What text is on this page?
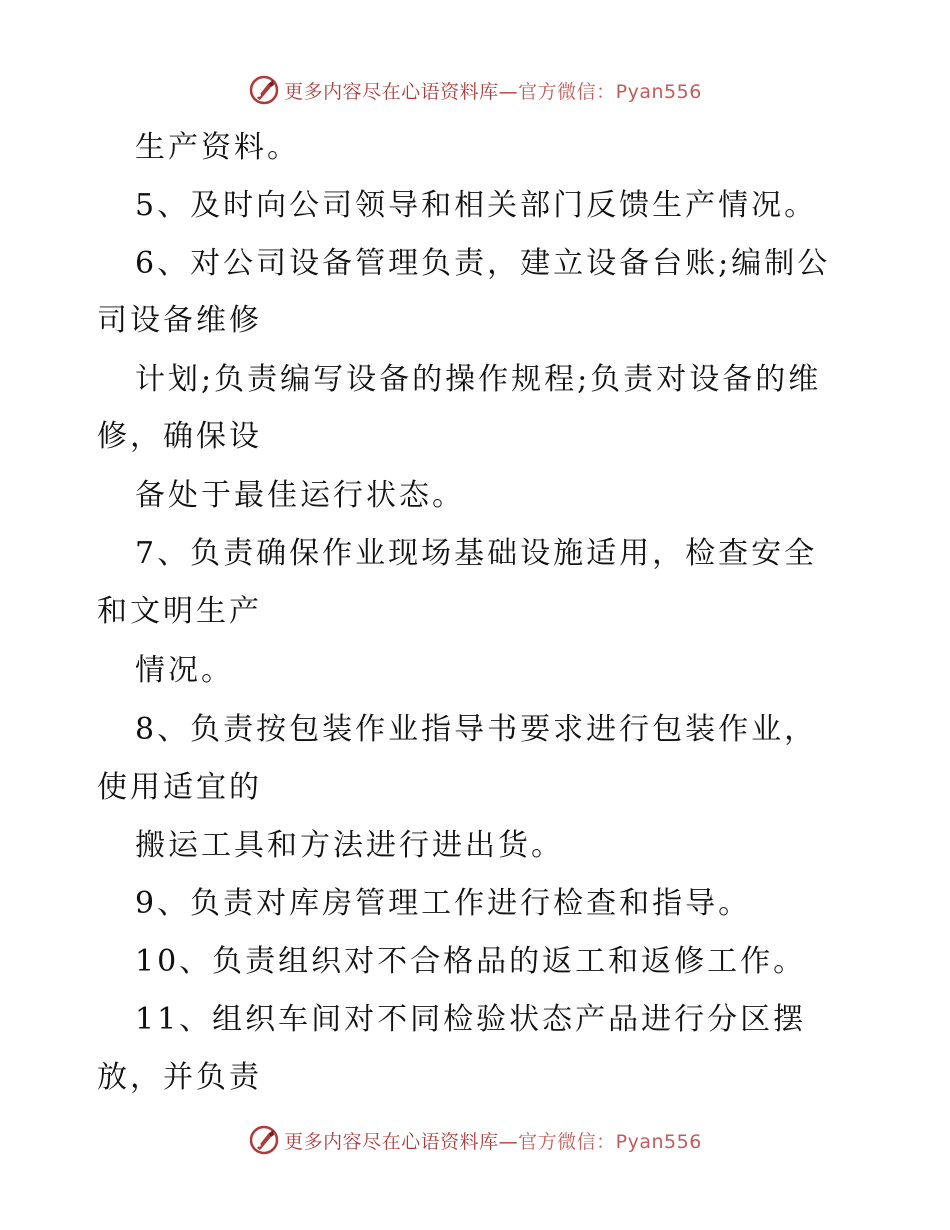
更多内容尽在心语资料库—官方微信：Pyan556
生产资料。
5、及时向公司领导和相关部门反馈生产情况。
6、对公司设备管理负责，建立设备台账;编制公
司设备维修
计划;负责编写设备的操作规程;负责对设备的维
修，确保设
备处于最佳运行状态。
7、负责确保作业现场基础设施适用，检查安全
和文明生产
情况。
8、负责按包装作业指导书要求进行包装作业，
使用适宜的
搬运工具和方法进行进出货。
9、负责对库房管理工作进行检查和指导。
10、负责组织对不合格品的返工和返修工作。
11、组织车间对不同检验状态产品进行分区摆
放，并负责
更多内容尽在心语资料库—官方微信：Pyan556
